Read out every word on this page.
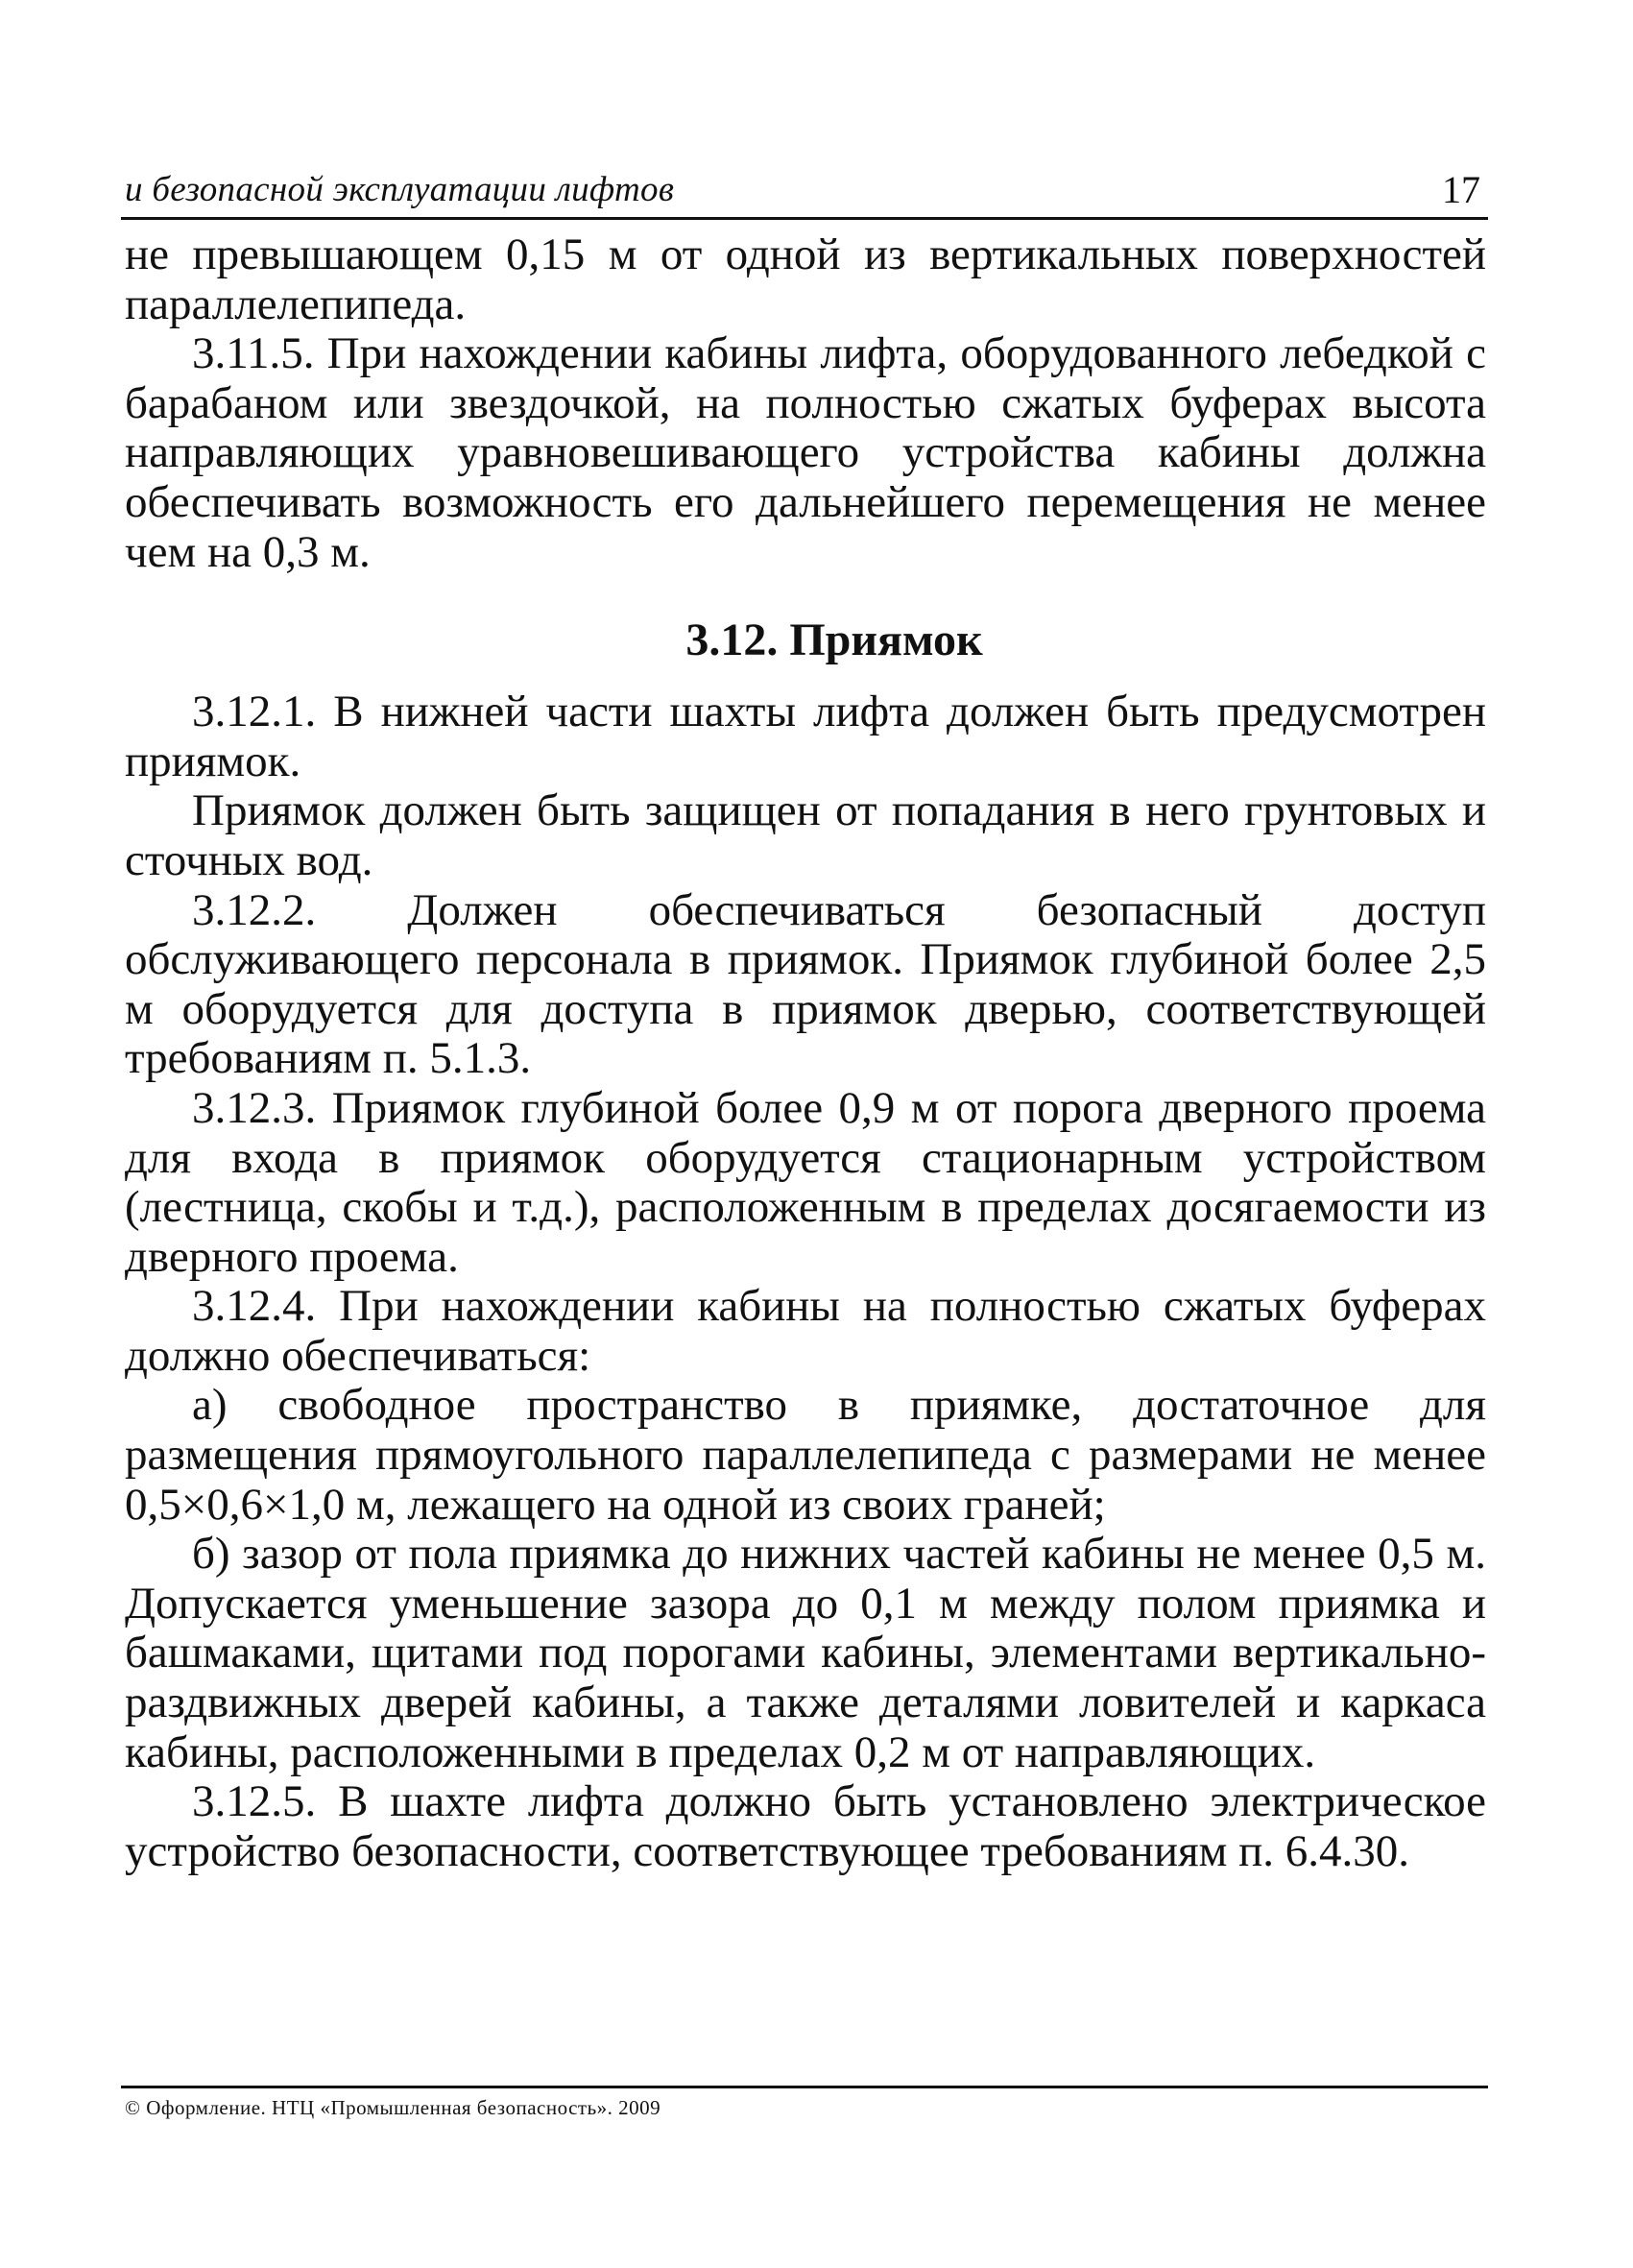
и безопасной эксплуатации лифтов	17

не превышающем 0,15 м от одной из вертикальных поверхностей параллелепипеда.

3.11.5. При нахождении кабины лифта, оборудованного лебедкой с барабаном или звездочкой, на полностью сжатых буферах высота направляющих уравновешивающего устройства кабины должна обеспечивать возможность его дальнейшего перемещения не менее чем на 0,3 м.

3.12. Приямок

3.12.1. В нижней части шахты лифта должен быть предусмотрен приямок.

Приямок должен быть защищен от попадания в него грунтовых и сточных вод.

3.12.2. Должен обеспечиваться безопасный доступ обслуживающего персонала в приямок. Приямок глубиной более 2,5 м оборудуется для доступа в приямок дверью, соответствующей требованиям п. 5.1.3.

3.12.3. Приямок глубиной более 0,9 м от порога дверного проема для входа в приямок оборудуется стационарным устройством (лестница, скобы и т.д.), расположенным в пределах досягаемости из дверного проема.

3.12.4. При нахождении кабины на полностью сжатых буферах должно обеспечиваться:

а) свободное пространство в приямке, достаточное для размещения прямоугольного параллелепипеда с размерами не менее 0,5×0,6×1,0 м, лежащего на одной из своих граней;

б) зазор от пола приямка до нижних частей кабины не менее 0,5 м. Допускается уменьшение зазора до 0,1 м между полом приямка и башмаками, щитами под порогами кабины, элементами вертикально-раздвижных дверей кабины, а также деталями ловителей и каркаса кабины, расположенными в пределах 0,2 м от направляющих.

3.12.5. В шахте лифта должно быть установлено электрическое устройство безопасности, соответствующее требованиям п. 6.4.30.

© Оформление. НТЦ «Промышленная безопасность». 2009
